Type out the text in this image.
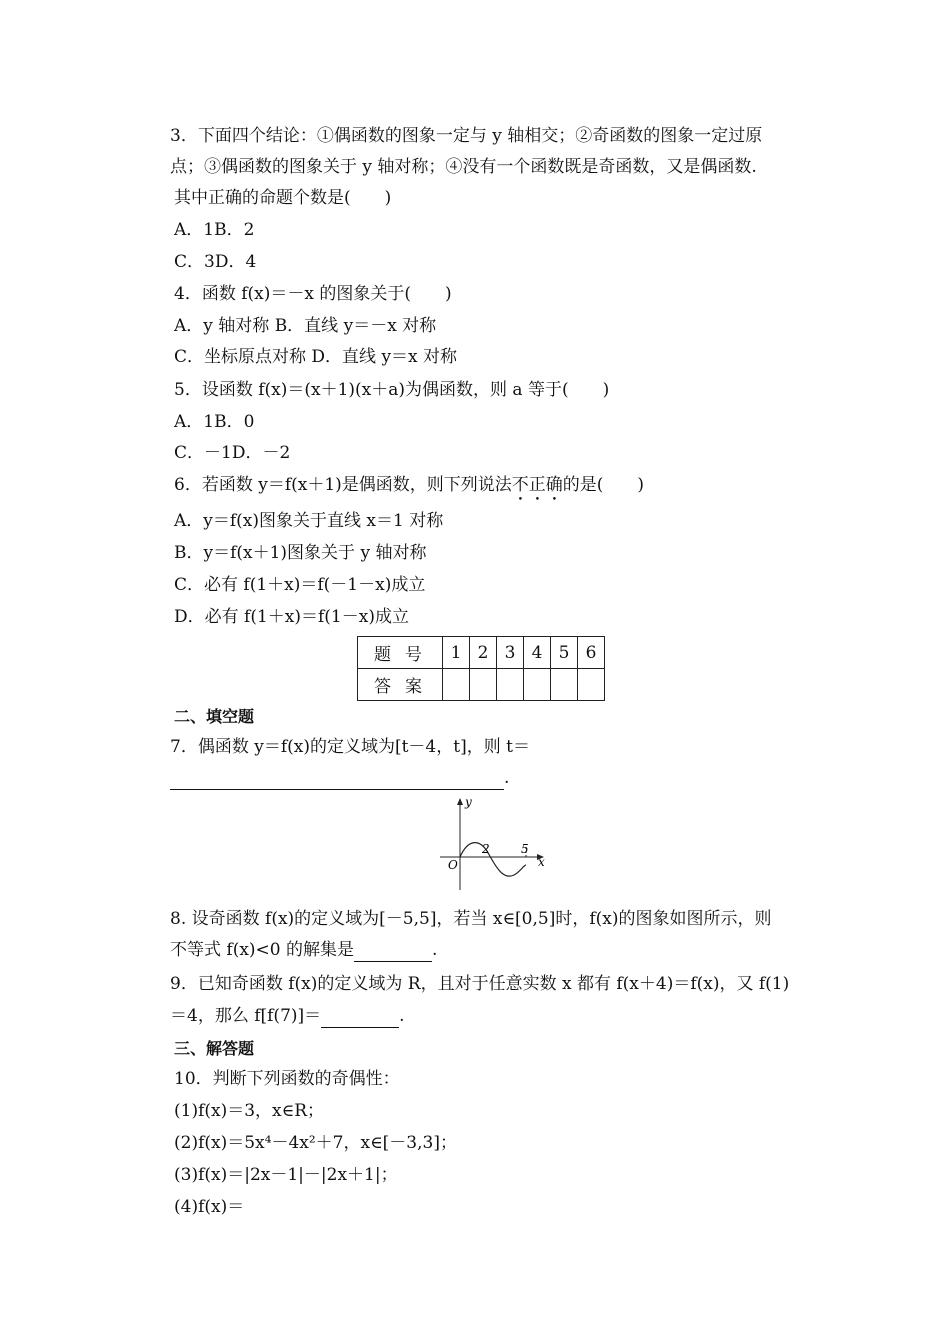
3．下面四个结论：①偶函数的图象一定与 y 轴相交；②奇函数的图象一定过原
点；③偶函数的图象关于 y 轴对称；④没有一个函数既是奇函数，又是偶函数.
其中正确的命题个数是(　　)
A．1B．2
C．3D．4
4．函数 f(x)＝－x 的图象关于(　　)
A．y 轴对称 B．直线 y＝－x 对称
C．坐标原点对称 D．直线 y＝x 对称
5．设函数 f(x)＝(x＋1)(x＋a)为偶函数，则 a 等于(　　)
A．1B．0
C．－1D．－2
6．若函数 y＝f(x＋1)是偶函数，则下列说法不正确的是(　　)
A．y＝f(x)图象关于直线 x＝1 对称
B．y＝f(x＋1)图象关于 y 轴对称
C．必有 f(1＋x)＝f(－1－x)成立
D．必有 f(1＋x)＝f(1－x)成立
题号	1	2	3	4	5	6
答案						
二、填空题
7．偶函数 y＝f(x)的定义域为[t－4，t]，则 t＝
.
y
x
O
2	5
8. 设奇函数 f(x)的定义域为[－5,5]，若当 x∈[0,5]时，f(x)的图象如图所示，则
不等式 f(x)<0 的解集是	.
9．已知奇函数 f(x)的定义域为 R，且对于任意实数 x 都有 f(x＋4)＝f(x)，又 f(1)
＝4，那么 f[f(7)]＝	.
三、解答题
10．判断下列函数的奇偶性：
(1)f(x)＝3，x∈R；
(2)f(x)＝5x⁴－4x²＋7，x∈[－3,3]；
(3)f(x)＝|2x－1|－|2x＋1|；
(4)f(x)＝
